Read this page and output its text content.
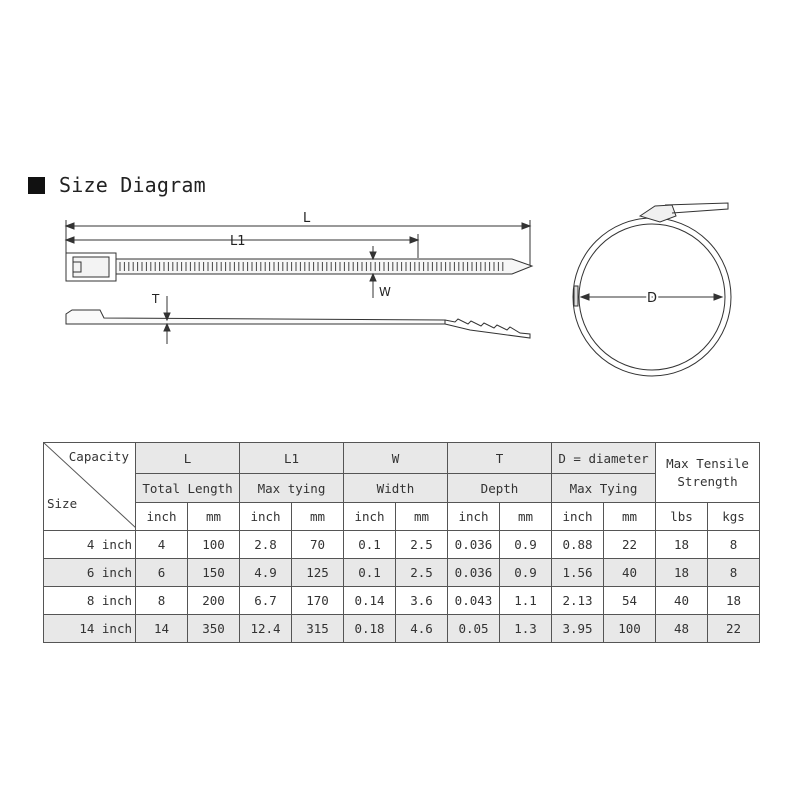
Size Diagram
L
L1
W
T	D
Capacity
Size	L		L1		W		T		D = diameter		Max Tensile
Strength	

	Total Length		Max tying		Width		Depth		Max Tying			
	inch	mm	inch	mm	inch	mm	inch	mm	inch	mm	lbs	kgs
4 inch	4	100	2.8	70	0.1	2.5	0.036	0.9	0.88	22	18	8
6 inch	6	150	4.9	125	0.1	2.5	0.036	0.9	1.56	40	18	8
8 inch	8	200	6.7	170	0.14	3.6	0.043	1.1	2.13	54	40	18
14 inch	14	350	12.4	315	0.18	4.6	0.05	1.3	3.95	100	48	22
